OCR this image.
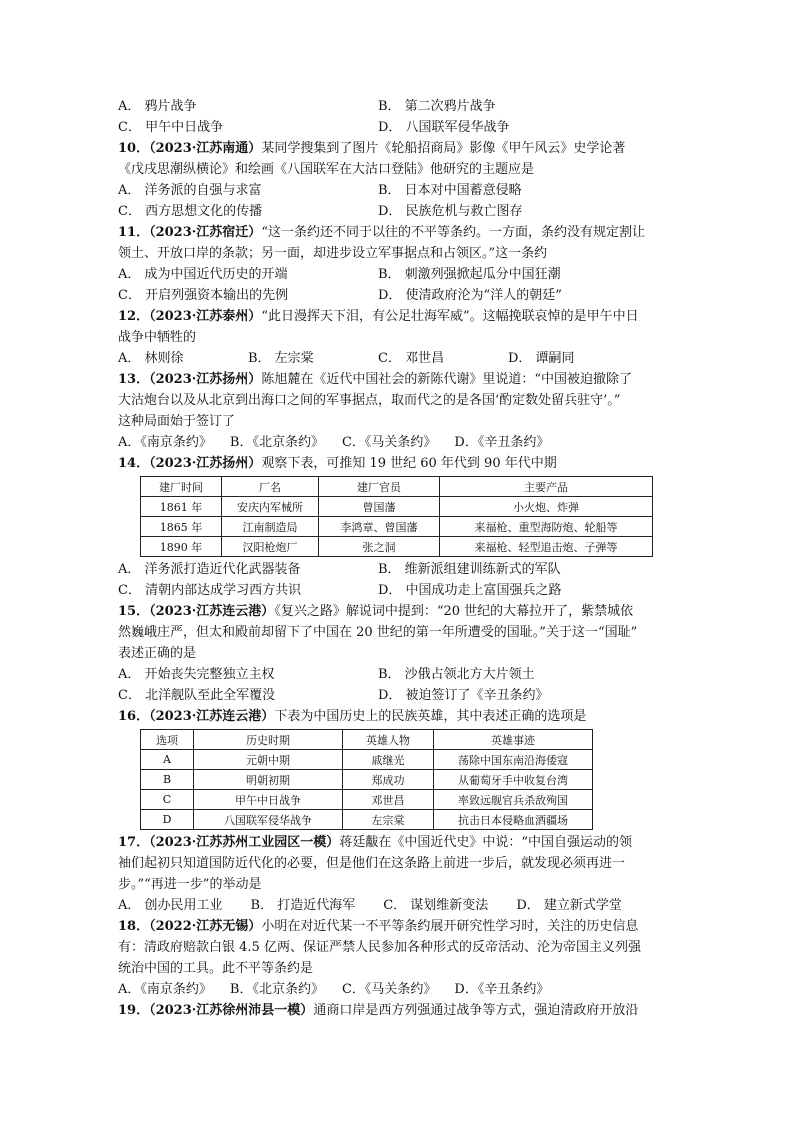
A． 鸦片战争	B． 第二次鸦片战争
C． 甲午中日战争	D． 八国联军侵华战争
10．（2023·江苏南通）某同学搜集到了图片《轮船招商局》影像《甲午风云》史学论著
《戊戌思潮纵横论》和绘画《八国联军在大沽口登陆》他研究的主题应是
A． 洋务派的自强与求富	B． 日本对中国蓄意侵略
C． 西方思想文化的传播	D． 民族危机与救亡图存
11．（2023·江苏宿迁）“这一条约还不同于以往的不平等条约。一方面，条约没有规定割让
领土、开放口岸的条款；另一面，却进步设立军事据点和占领区。”这一条约
A． 成为中国近代历史的开端	B． 刺激列强掀起瓜分中国狂潮
C． 开启列强资本输出的先例	D． 使清政府沦为“洋人的朝廷”
12．（2023·江苏泰州）“此日漫挥天下泪，有公足壮海军威”。这幅挽联哀悼的是甲午中日
战争中牺牲的
A． 林则徐	B． 左宗棠	C． 邓世昌	D． 谭嗣同
13．（2023·江苏扬州）陈旭麓在《近代中国社会的新陈代谢》里说道：“中国被迫撤除了
大沽炮台以及从北京到出海口之间的军事据点，取而代之的是各国‘酌定数处留兵驻守’。”
这种局面始于签订了
A．《南京条约》 B．《北京条约》 C．《马关条约》 D．《辛丑条约》
14．（2023·江苏扬州）观察下表，可推知 19 世纪 60 年代到 90 年代中期
建厂时间	厂名	建厂官员	主要产品
1861 年	安庆内军械所	曾国藩	小火炮、炸弹
1865 年	江南制造局	李鸿章、曾国藩	来福枪、重型海防炮、轮船等
1890 年	汉阳枪炮厂	张之洞	来福枪、轻型追击炮、子弹等
A． 洋务派打造近代化武器装备	B． 维新派组建训练新式的军队
C． 清朝内部达成学习西方共识	D． 中国成功走上富国强兵之路
15．（2023·江苏连云港）《复兴之路》解说词中提到：“20 世纪的大幕拉开了，紫禁城依
然巍峨庄严，但太和殿前却留下了中国在 20 世纪的第一年所遭受的国耻。”关于这一“国耻”
表述正确的是
A． 开始丧失完整独立主权	B． 沙俄占领北方大片领土
C． 北洋舰队至此全军覆没	D． 被迫签订了《辛丑条约》
16．（2023·江苏连云港）下表为中国历史上的民族英雄，其中表述正确的选项是
选项	历史时期	英雄人物	英雄事迹
A	元朝中期	戚继光	荡除中国东南沿海倭寇
B	明朝初期	郑成功	从葡萄牙手中收复台湾
C	甲午中日战争	邓世昌	率致远舰官兵杀敌殉国
D	八国联军侵华战争	左宗棠	抗击日本侵略血洒疆场
17．（2023·江苏苏州工业园区一模）蒋廷黻在《中国近代史》中说：“中国自强运动的领
袖们起初只知道国防近代化的必要，但是他们在这条路上前进一步后，就发现必须再进一
步。”“再进一步”的举动是
A． 创办民用工业 B． 打造近代海军 C． 谋划维新变法 D． 建立新式学堂
18．（2022·江苏无锡）小明在对近代某一不平等条约展开研究性学习时，关注的历史信息
有：清政府赔款白银 4.5 亿两、保证严禁人民参加各种形式的反帝活动、沦为帝国主义列强
统治中国的工具。此不平等条约是
A．《南京条约》 B．《北京条约》 C．《马关条约》 D．《辛丑条约》
19．（2023·江苏徐州沛县一模）通商口岸是西方列强通过战争等方式，强迫清政府开放沿
